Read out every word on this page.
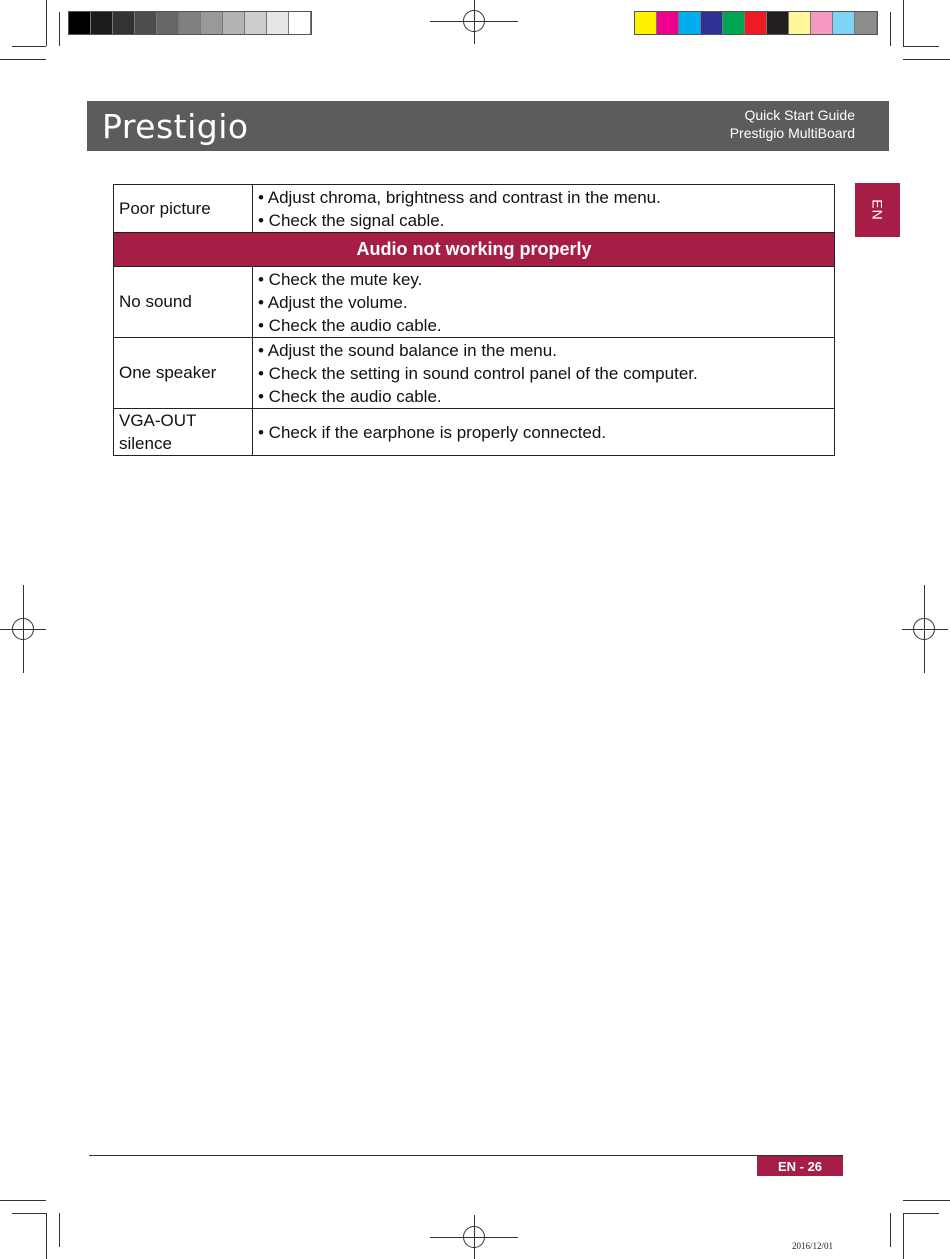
Prestigio	Quick Start Guide
Prestigio MultiBoard
EN
Poor picture	• Adjust chroma, brightness and contrast in the menu.
• Check the signal cable.

Audio not working properly	
No sound	• Check the mute key.
• Adjust the volume.
• Check the audio cable.

One speaker	• Adjust the sound balance in the menu.
• Check the setting in sound control panel of the computer.
• Check the audio cable.

VGA-OUT silence	• Check if the earphone is properly connected.
EN - 26
2016/12/01
